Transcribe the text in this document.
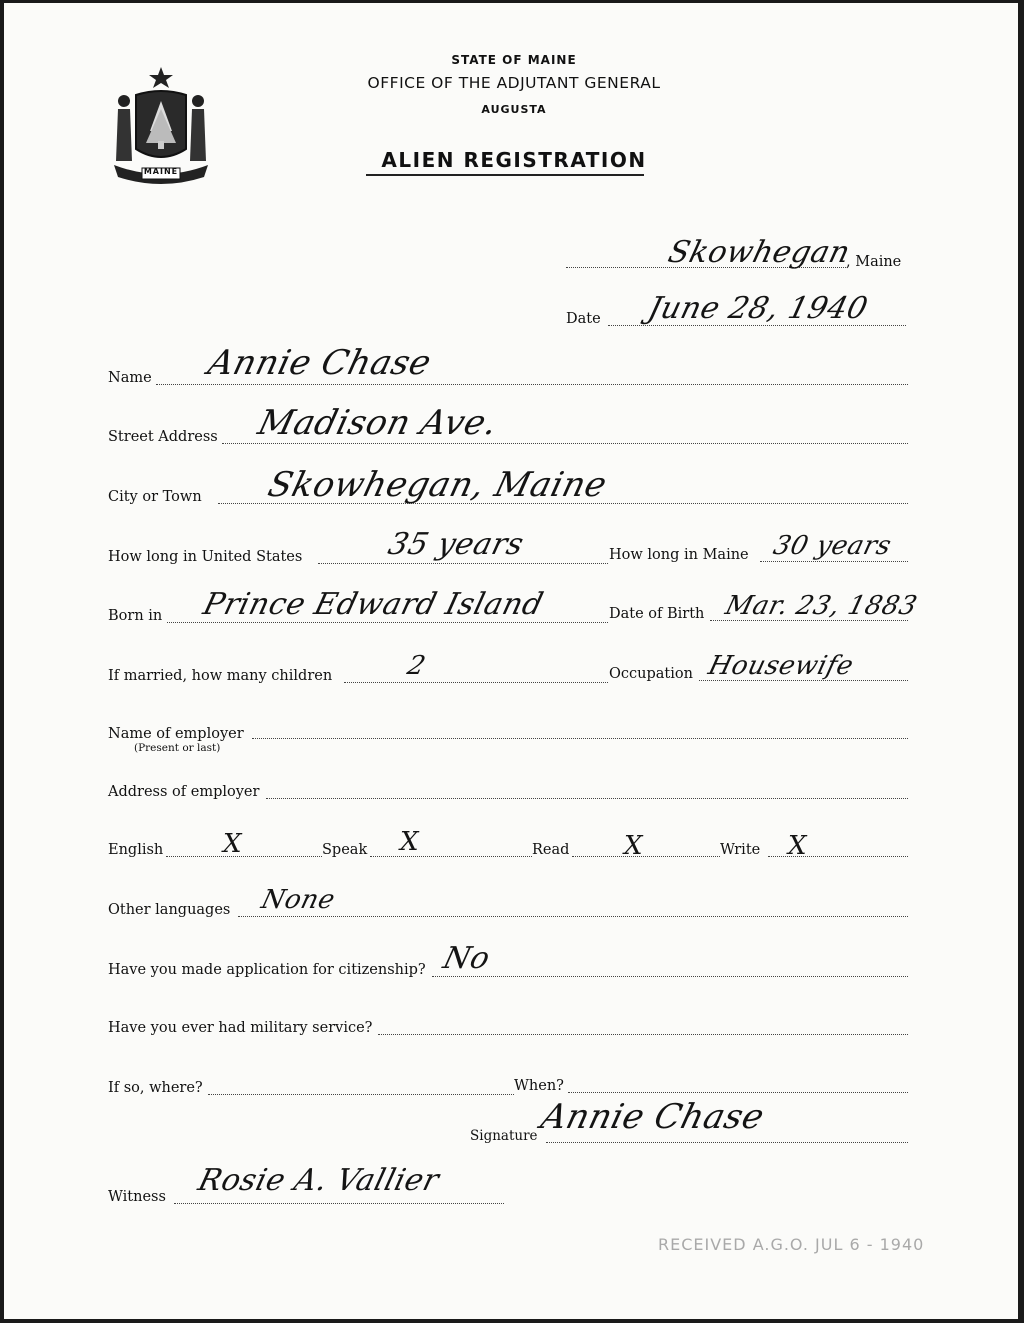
MAINE
STATE OF MAINE
OFFICE OF THE ADJUTANT GENERAL
AUGUSTA
ALIEN REGISTRATION
Skowhegan
, Maine
Date June 28, 1940
Name Annie Chase
Street Address Madison Ave.
City or Town Skowhegan, Maine
How long in United States	35 years	How long in Maine 30 years
Born in Prince Edward Island	Date of Birth Mar. 23, 1883
If married, how many children	2	Occupation Housewife
Name of employer
(Present or last)
Address of employer
English X	Speak X	Read X	Write X
Other languages None
Have you made application for citizenship? No
Have you ever had military service?
If so, where?	When?
Signature Annie Chase
Witness Rosie A. Vallier
RECEIVED A.G.O. JUL 6 - 1940
